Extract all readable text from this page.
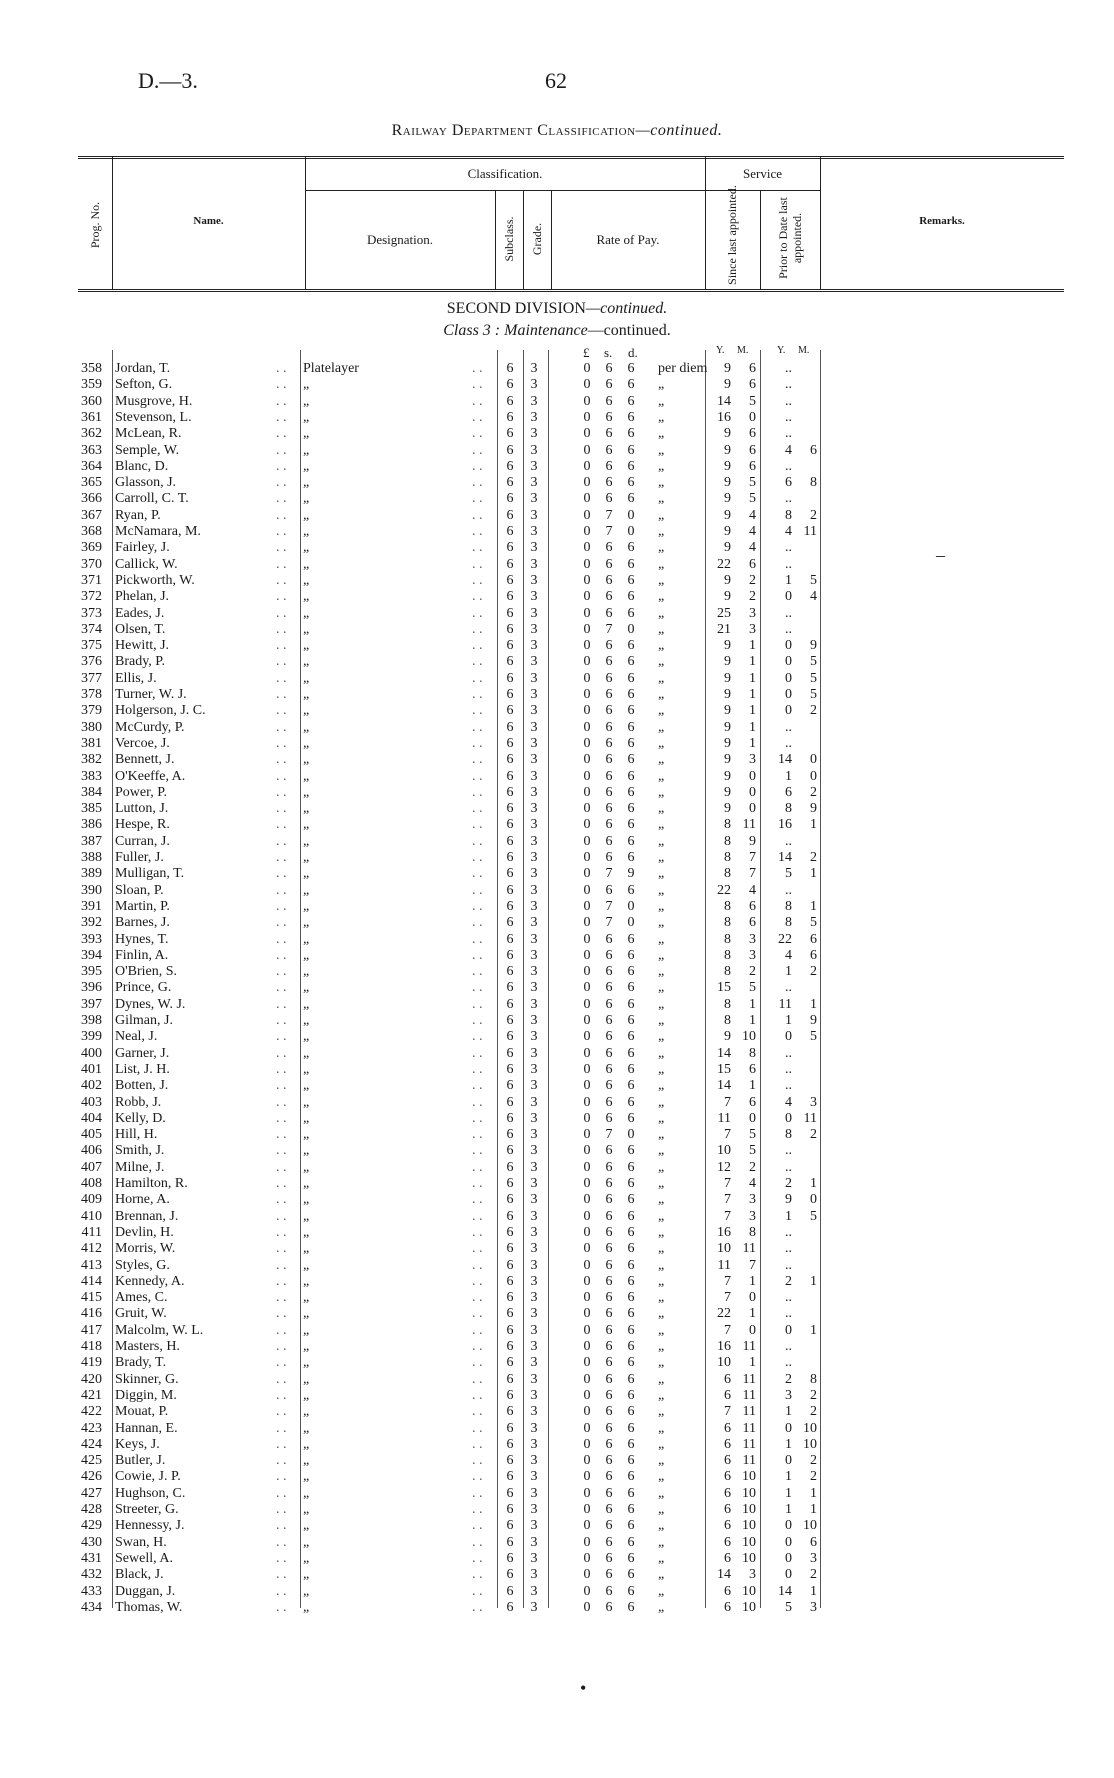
D.—3.	62
Railway Department Classification—continued.
Prog. No.	Name.
Classification.
Designation.	Subclass. Grade.	Rate of Pay.
Service
Since last appointed.	Prior to Date last appointed.	Remarks.
SECOND DIVISION—continued.
Class 3 : Maintenance—continued.
£ s. d.	Y. M.	Y. M.
358 Jordan, T.	. . Platelayer	. . 6 3	0 6 6	per diem	9	6	..
359 Sefton, G.	. . „	. . 6 3	0 6 6	„	9	6	..
360 Musgrove, H.	. . „	. . 6 3	0 6 6	„	14	5	..
361 Stevenson, L.	. . „	. . 6 3	0 6 6	„	16	0	..
362 McLean, R.	. . „	. . 6 3	0 6 6	„	9	6	..
363 Semple, W.	. . „	. . 6 3	0 6 6	„	9	6	4	6
364 Blanc, D.	. . „	. . 6 3	0 6 6	„	9	6	..
365 Glasson, J.	. . „	. . 6 3	0 6 6	„	9	5	6	8
366 Carroll, C. T.	. . „	. . 6 3	0 6 6	„	9	5	..
367 Ryan, P.	. . „	. . 6 3	0 7 0	„	9	4	8	2
368 McNamara, M.	. . „	. . 6 3	0 7 0	„	9	4	4 11
369 Fairley, J.	. . „	. . 6 3	0 6 6	„	9	4	..
370 Callick, W.	. . „	. . 6 3	0 6 6	„	22	6	..
371 Pickworth, W.	. . „	. . 6 3	0 6 6	„	9	2	1	5
372 Phelan, J.	. . „	. . 6 3	0 6 6	„	9	2	0	4
373 Eades, J.	. . „	. . 6 3	0 6 6	„	25	3	..
374 Olsen, T.	. . „	. . 6 3	0 7 0	„	21	3	..
375 Hewitt, J.	. . „	. . 6 3	0 6 6	„	9	1	0	9
376 Brady, P.	. . „	. . 6 3	0 6 6	„	9	1	0	5
377 Ellis, J.	. . „	. . 6 3	0 6 6	„	9	1	0	5
378 Turner, W. J.	. . „	. . 6 3	0 6 6	„	9	1	0	5
379 Holgerson, J. C.	. . „	. . 6 3	0 6 6	„	9	1	0	2
380 McCurdy, P.	. . „	. . 6 3	0 6 6	„	9	1	..
381 Vercoe, J.	. . „	. . 6 3	0 6 6	„	9	1	..
382 Bennett, J.	. . „	. . 6 3	0 6 6	„	9	3	14	0
383 O'Keeffe, A.	. . „	. . 6 3	0 6 6	„	9	0	1	0
384 Power, P.	. . „	. . 6 3	0 6 6	„	9	0	6	2
385 Lutton, J.	. . „	. . 6 3	0 6 6	„	9	0	8	9
386 Hespe, R.	. . „	. . 6 3	0 6 6	„	8 11	16	1
387 Curran, J.	. . „	. . 6 3	0 6 6	„	8	9	..
388 Fuller, J.	. . „	. . 6 3	0 6 6	„	8	7	14	2
389 Mulligan, T.	. . „	. . 6 3	0 7 9	„	8	7	5	1
390 Sloan, P.	. . „	. . 6 3	0 6 6	„	22	4	..
391 Martin, P.	. . „	. . 6 3	0 7 0	„	8	6	8	1
392 Barnes, J.	. . „	. . 6 3	0 7 0	„	8	6	8	5
393 Hynes, T.	. . „	. . 6 3	0 6 6	„	8	3	22	6
394 Finlin, A.	. . „	. . 6 3	0 6 6	„	8	3	4	6
395 O'Brien, S.	. . „	. . 6 3	0 6 6	„	8	2	1	2
396 Prince, G.	. . „	. . 6 3	0 6 6	„	15	5	..
397 Dynes, W. J.	. . „	. . 6 3	0 6 6	„	8	1	11	1
398 Gilman, J.	. . „	. . 6 3	0 6 6	„	8	1	1	9
399 Neal, J.	. . „	. . 6 3	0 6 6	„	9 10	0	5
400 Garner, J.	. . „	. . 6 3	0 6 6	„	14	8	..
401 List, J. H.	. . „	. . 6 3	0 6 6	„	15	6	..
402 Botten, J.	. . „	. . 6 3	0 6 6	„	14	1	..
403 Robb, J.	. . „	. . 6 3	0 6 6	„	7	6	4	3
404 Kelly, D.	. . „	. . 6 3	0 6 6	„	11	0	0 11
405 Hill, H.	. . „	. . 6 3	0 7 0	„	7	5	8	2
406 Smith, J.	. . „	. . 6 3	0 6 6	„	10	5	..
407 Milne, J.	. . „	. . 6 3	0 6 6	„	12	2	..
408 Hamilton, R.	. . „	. . 6 3	0 6 6	„	7	4	2	1
409 Horne, A.	. . „	. . 6 3	0 6 6	„	7	3	9	0
410 Brennan, J.	. . „	. . 6 3	0 6 6	„	7	3	1	5
411 Devlin, H.	. . „	. . 6 3	0 6 6	„	16	8	..
412 Morris, W.	. . „	. . 6 3	0 6 6	„	10 11	..
413 Styles, G.	. . „	. . 6 3	0 6 6	„	11	7	..
414 Kennedy, A.	. . „	. . 6 3	0 6 6	„	7	1	2	1
415 Ames, C.	. . „	. . 6 3	0 6 6	„	7	0	..
416 Gruit, W.	. . „	. . 6 3	0 6 6	„	22	1	..
417 Malcolm, W. L.	. . „	. . 6 3	0 6 6	„	7	0	0	1
418 Masters, H.	. . „	. . 6 3	0 6 6	„	16 11	..
419 Brady, T.	. . „	. . 6 3	0 6 6	„	10	1	..
420 Skinner, G.	. . „	. . 6 3	0 6 6	„	6 11	2	8
421 Diggin, M.	. . „	. . 6 3	0 6 6	„	6 11	3	2
422 Mouat, P.	. . „	. . 6 3	0 6 6	„	7 11	1	2
423 Hannan, E.	. . „	. . 6 3	0 6 6	„	6 11	0 10
424 Keys, J.	. . „	. . 6 3	0 6 6	„	6 11	1 10
425 Butler, J.	. . „	. . 6 3	0 6 6	„	6 11	0	2
426 Cowie, J. P.	. . „	. . 6 3	0 6 6	„	6 10	1	2
427 Hughson, C.	. . „	. . 6 3	0 6 6	„	6 10	1	1
428 Streeter, G.	. . „	. . 6 3	0 6 6	„	6 10	1	1
429 Hennessy, J.	. . „	. . 6 3	0 6 6	„	6 10	0 10
430 Swan, H.	. . „	. . 6 3	0 6 6	„	6 10	0	6
431 Sewell, A.	. . „	. . 6 3	0 6 6	„	6 10	0	3
432 Black, J.	. . „	. . 6 3	0 6 6	„	14	3	0	2
433 Duggan, J.	. . „	. . 6 3	0 6 6	„	6 10	14	1
434 Thomas, W.	. . „	. . 6 3	0 6 6	„	6 10	5	3
–
•
